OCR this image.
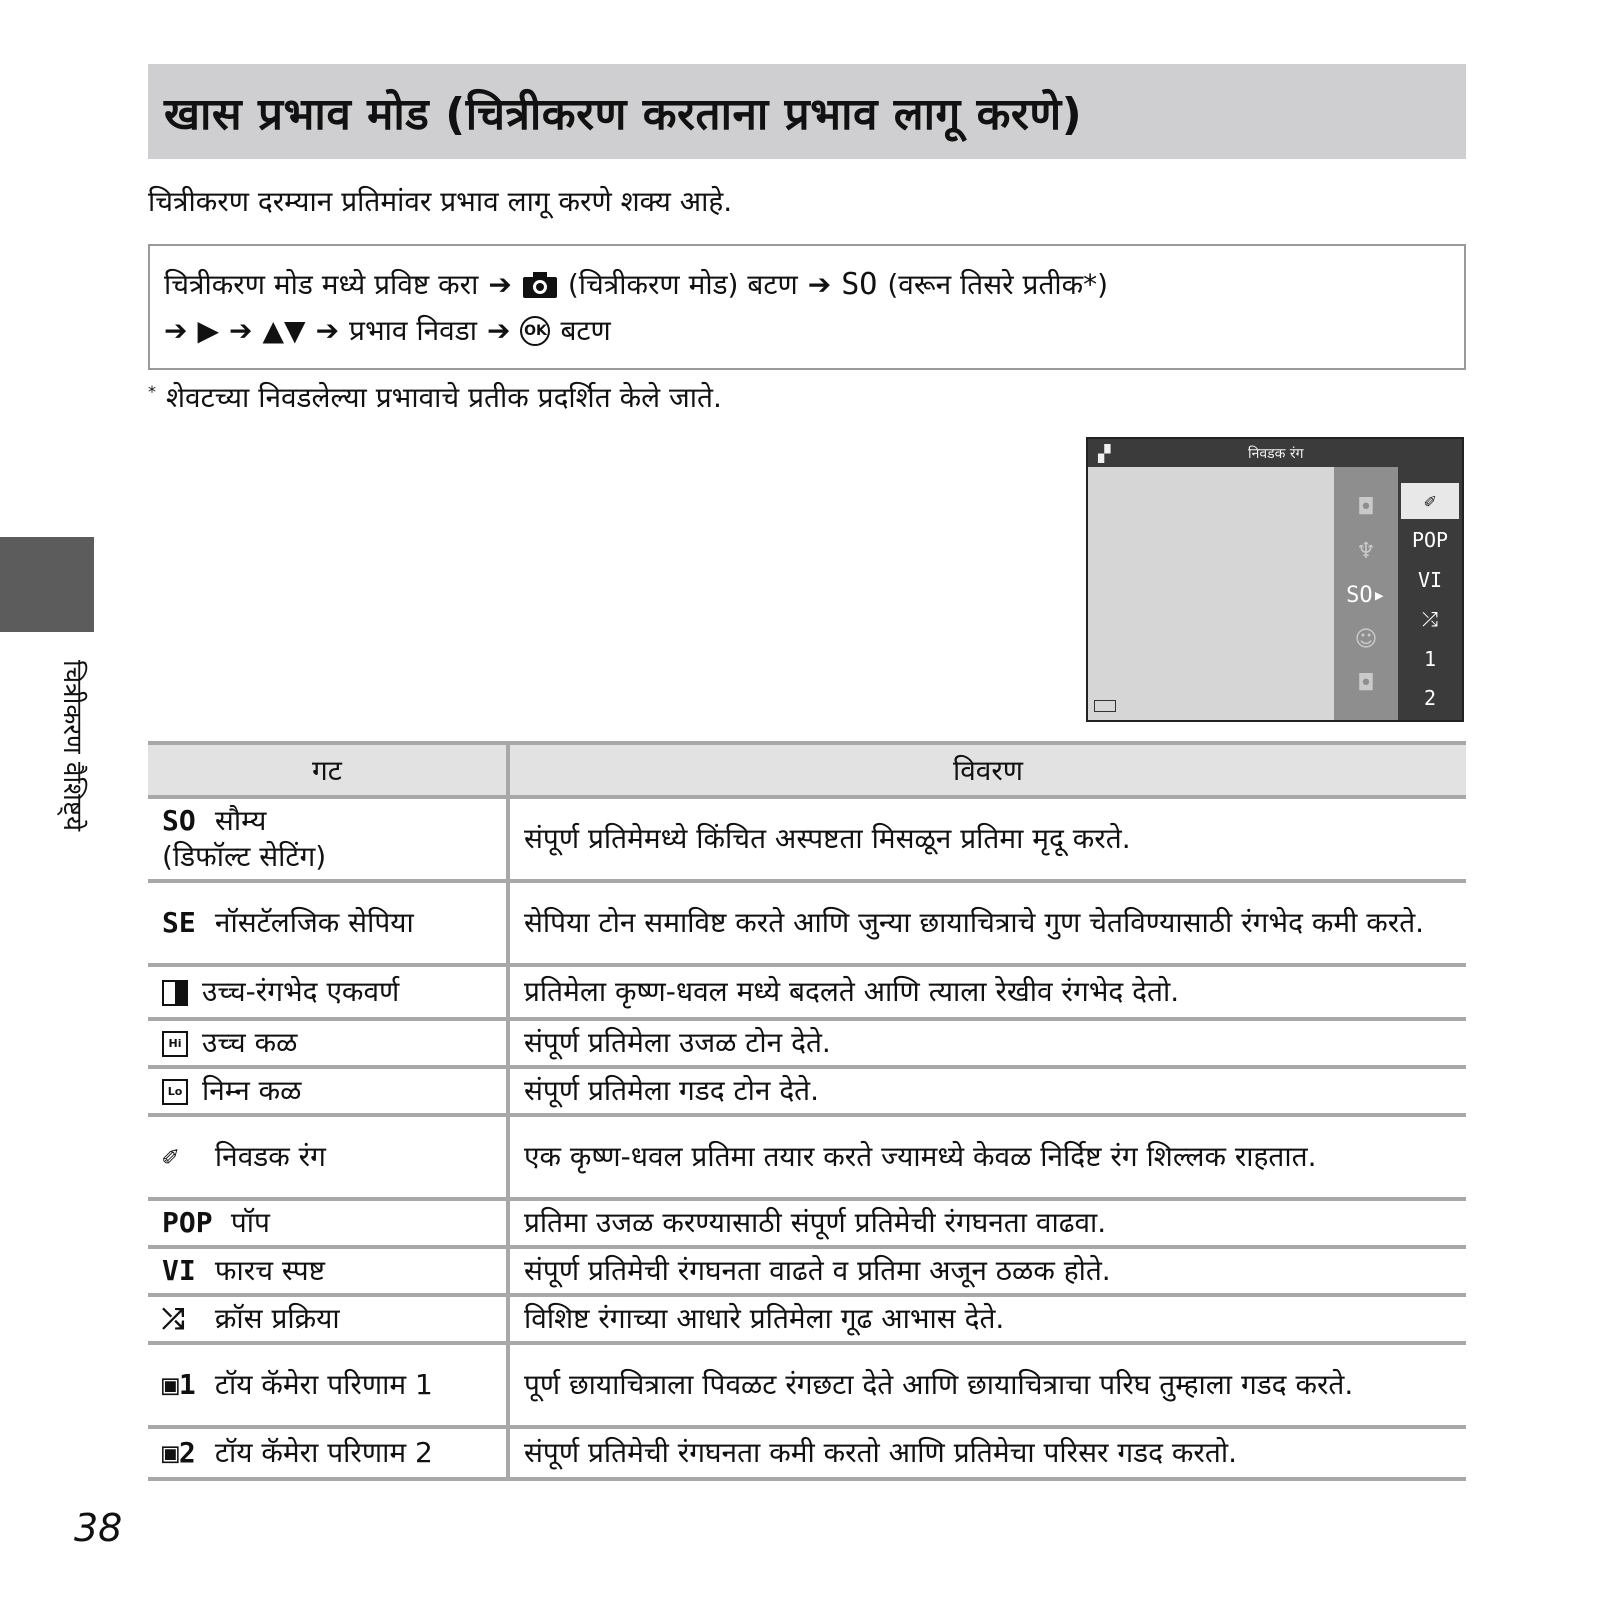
खास प्रभाव मोड (चित्रीकरण करताना प्रभाव लागू करणे)
चित्रीकरण दरम्यान प्रतिमांवर प्रभाव लागू करणे शक्य आहे.
चित्रीकरण मोड मध्ये प्रविष्ट करा ➔ (चित्रीकरण मोड) बटण ➔ SO (वरून तिसरे प्रतीक*)
➔ ▶ ➔ ▲▼ ➔ प्रभाव निवडा ➔ OK बटण
* शेवटच्या निवडलेल्या प्रभावाचे प्रतीक प्रदर्शित केले जाते.
▞	निवडक रंग
◘
♆
SO ▸
☺
◘
✐
POP
VI
⤮
1
2
चित्रीकरण वैशिष्ट्ये	गट	विवरण
SO सौम्य
(डिफॉल्ट सेटिंग)	संपूर्ण प्रतिमेमध्ये किंचित अस्पष्टता मिसळून प्रतिमा मृदू करते.
SE नॉसटॅलजिक सेपिया	सेपिया टोन समाविष्ट करते आणि जुन्या छायाचित्राचे गुण चेतविण्यासाठी रंगभेद कमी करते.
उच्च-रंगभेद एकवर्ण	प्रतिमेला कृष्ण-धवल मध्ये बदलते आणि त्याला रेखीव रंगभेद देतो.
Hi उच्च कळ	संपूर्ण प्रतिमेला उजळ टोन देते.
Lo निम्न कळ	संपूर्ण प्रतिमेला गडद टोन देते.
✐ निवडक रंग	एक कृष्ण-धवल प्रतिमा तयार करते ज्यामध्ये केवळ निर्दिष्ट रंग शिल्लक राहतात.
POP पॉप	प्रतिमा उजळ करण्यासाठी संपूर्ण प्रतिमेची रंगघनता वाढवा.
VI फारच स्पष्ट	संपूर्ण प्रतिमेची रंगघनता वाढते व प्रतिमा अजून ठळक होते.
⤮ क्रॉस प्रक्रिया	विशिष्ट रंगाच्या आधारे प्रतिमेला गूढ आभास देते.
▣1 टॉय कॅमेरा परिणाम 1	पूर्ण छायाचित्राला पिवळट रंगछटा देते आणि छायाचित्राचा परिघ तुम्हाला गडद करते.
▣2 टॉय कॅमेरा परिणाम 2	संपूर्ण प्रतिमेची रंगघनता कमी करतो आणि प्रतिमेचा परिसर गडद करतो.
38
